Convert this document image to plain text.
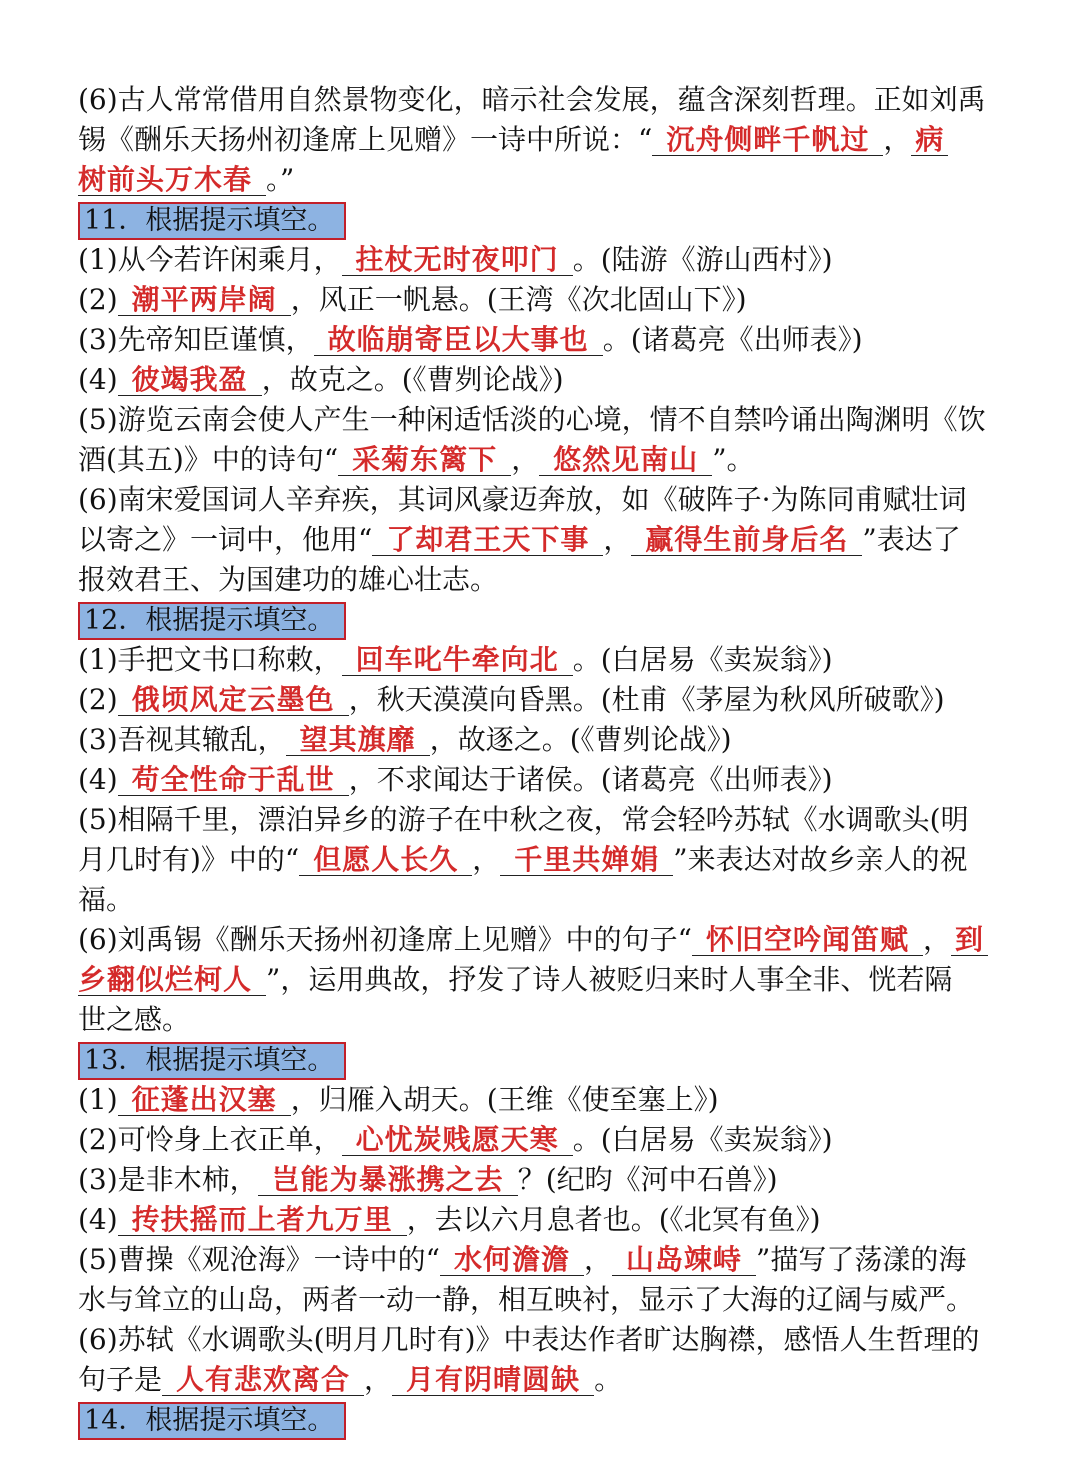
(6)古人常常借用自然景物变化，暗示社会发展，蕴含深刻哲理。正如刘禹
锡《酬乐天扬州初逢席上见赠》一诗中所说：“ 沉舟侧畔千帆过 ， 病
树前头万木春 。”
11．根据提示填空。
(1)从今若许闲乘月， 拄杖无时夜叩门 。(陆游《游山西村》)
(2) 潮平两岸阔 ，风正一帆悬。(王湾《次北固山下》)
(3)先帝知臣谨慎， 故临崩寄臣以大事也 。(诸葛亮《出师表》)
(4) 彼竭我盈 ，故克之。(《曹刿论战》)
(5)游览云南会使人产生一种闲适恬淡的心境，情不自禁吟诵出陶渊明《饮
酒(其五)》中的诗句“ 采菊东篱下 ， 悠然见南山 ”。
(6)南宋爱国词人辛弃疾，其词风豪迈奔放，如《破阵子·为陈同甫赋壮词
以寄之》一词中，他用“ 了却君王天下事 ， 赢得生前身后名 ”表达了
报效君王、为国建功的雄心壮志。
12．根据提示填空。
(1)手把文书口称敕， 回车叱牛牵向北 。(白居易《卖炭翁》)
(2) 俄顷风定云墨色 ，秋天漠漠向昏黑。(杜甫《茅屋为秋风所破歌》)
(3)吾视其辙乱， 望其旗靡 ，故逐之。(《曹刿论战》)
(4) 苟全性命于乱世 ，不求闻达于诸侯。(诸葛亮《出师表》)
(5)相隔千里，漂泊异乡的游子在中秋之夜，常会轻吟苏轼《水调歌头(明
月几时有)》中的“ 但愿人长久 ， 千里共婵娟 ”来表达对故乡亲人的祝
福。
(6)刘禹锡《酬乐天扬州初逢席上见赠》中的句子“ 怀旧空吟闻笛赋 ， 到
乡翻似烂柯人 ”，运用典故，抒发了诗人被贬归来时人事全非、恍若隔
世之感。
13．根据提示填空。
(1) 征蓬出汉塞 ，归雁入胡天。(王维《使至塞上》)
(2)可怜身上衣正单， 心忧炭贱愿天寒 。(白居易《卖炭翁》)
(3)是非木柿， 岂能为暴涨携之去 ？(纪昀《河中石兽》)
(4) 抟扶摇而上者九万里 ，去以六月息者也。(《北冥有鱼》)
(5)曹操《观沧海》一诗中的“ 水何澹澹 ， 山岛竦峙 ”描写了荡漾的海
水与耸立的山岛，两者一动一静，相互映衬，显示了大海的辽阔与威严。
(6)苏轼《水调歌头(明月几时有)》中表达作者旷达胸襟，感悟人生哲理的
句子是 人有悲欢离合 ， 月有阴晴圆缺 。
14．根据提示填空。
